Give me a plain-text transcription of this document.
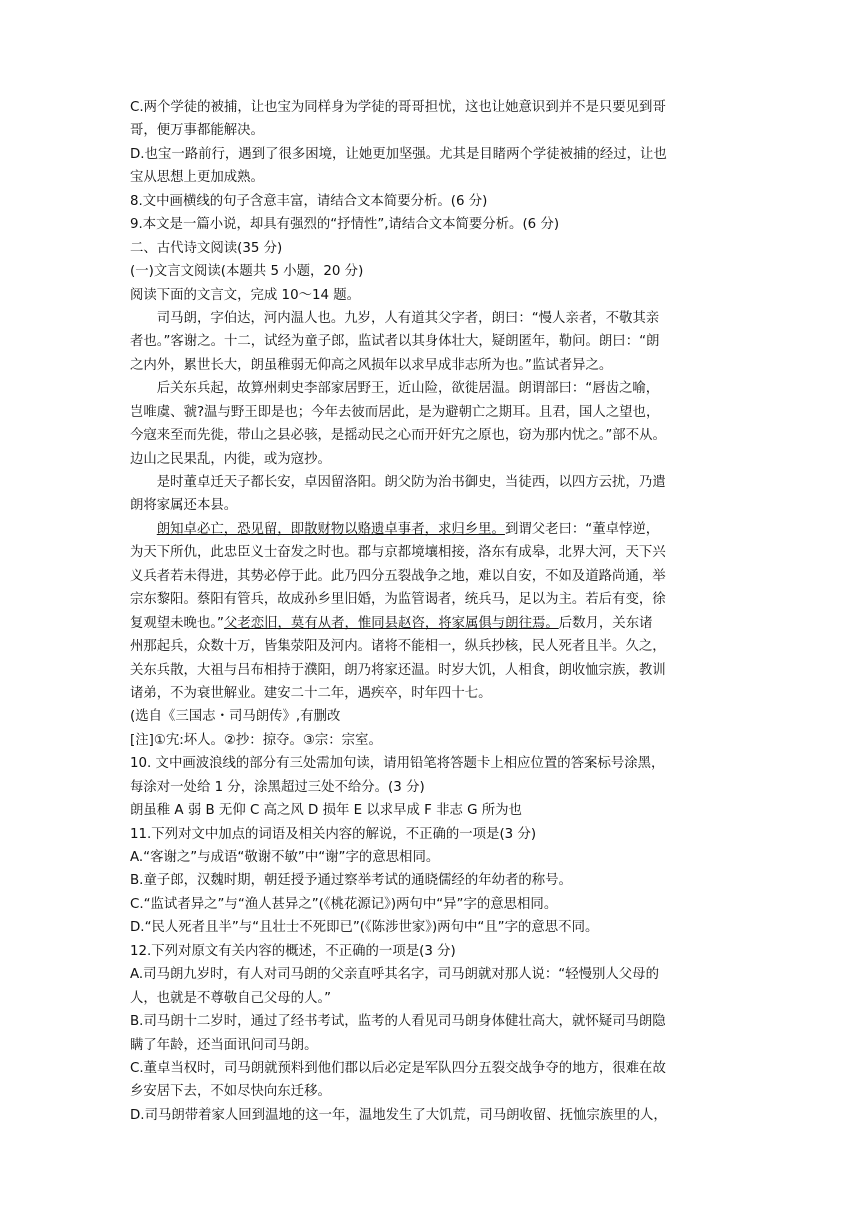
C.两个学徒的被捕，让也宝为同样身为学徒的哥哥担忧，这也让她意识到并不是只要见到哥
哥，便万事都能解决。
D.也宝一路前行，遇到了很多困境，让她更加坚强。尤其是目睹两个学徒被捕的经过，让也
宝从思想上更加成熟。
8.文中画横线的句子含意丰富，请结合文本简要分析。(6 分)
9.本文是一篇小说，却具有强烈的“抒情性”,请结合文本简要分析。(6 分)
二、古代诗文阅读(35 分)
(一)文言文阅读(本题共 5 小题，20 分)
阅读下面的文言文，完成 10～14 题。
　　司马朗，字伯达，河内温人也。九岁，人有道其父字者，朗曰：“慢人亲者，不敬其亲
者也。”客谢之。十二，试经为童子郎，监试者以其身体壮大，疑朗匿年，勒问。朗曰：“朗
之内外，累世长大，朗虽稚弱无仰高之风损年以求早成非志所为也。”监试者异之。
　　后关东兵起，故算州刺史李部家居野王，近山险，欲徙居温。朗谓部曰：“唇齿之喻，
岂唯虞、虢?温与野王即是也；今年去彼而居此，是为避朝亡之期耳。且君，国人之望也，
今寇来至而先徙，带山之县必骇，是摇动民之心而开奸宄之原也，窃为那内忧之。”部不从。
边山之民果乱，内徙，或为寇抄。
　　是时董卓迁天子都长安，卓因留洛阳。朗父防为治书御史，当徒西，以四方云扰，乃遣
朗将家属还本县。
　　朗知卓必亡，恐见留，即散财物以赂遗卓事者，求归乡里。到谓父老曰：“董卓悖逆，
为天下所仇，此忠臣义士奋发之时也。郡与京都境壤相接，洛东有成皋，北界大河，天下兴
义兵者若未得进，其势必停于此。此乃四分五裂战争之地，难以自安，不如及道路尚通，举
宗东黎阳。蔡阳有管兵，故成孙乡里旧婚，为监管谒者，统兵马，足以为主。若后有变，徐
复观望未晚也。”父老恋旧，莫有从者，惟同县赵咨，将家属俱与朗往焉。后数月，关东诸
州那起兵，众数十万，皆集荥阳及河内。诸将不能相一，纵兵抄核，民人死者且半。久之，
关东兵散，大祖与吕布相持于濮阳，朗乃将家还温。时岁大饥，人相食，朗收恤宗族，教训
诸弟，不为衰世解业。建安二十二年，遇疾卒，时年四十七。
(选自《三国志・司马朗传》,有删改
[注]①宄:坏人。②抄：掠夺。③宗：宗室。
10. 文中画波浪线的部分有三处需加句读，请用铅笔将答题卡上相应位置的答案标号涂黑，
每涂对一处给 1 分，涂黑超过三处不给分。(3 分)
朗虽稚 A 弱 B 无仰 C 高之风 D 损年 E 以求早成 F 非志 G 所为也
11.下列对文中加点的词语及相关内容的解说，不正确的一项是(3 分)
A.“客谢之”与成语“敬谢不敏”中“谢”字的意思相同。
B.童子郎，汉魏时期，朝廷授予通过察举考试的通晓儒经的年幼者的称号。
C.“监试者异之”与“渔人甚异之”(《桃花源记》)两句中“异”字的意思相同。
D.“民人死者且半”与“且壮士不死即已”(《陈涉世家》)两句中“且”字的意思不同。
12.下列对原文有关内容的概述，不正确的一项是(3 分)
A.司马朗九岁时，有人对司马朗的父亲直呼其名字，司马朗就对那人说：“轻慢别人父母的
人，也就是不尊敬自己父母的人。”
B.司马朗十二岁时，通过了经书考试，监考的人看见司马朗身体健壮高大，就怀疑司马朗隐
瞒了年龄，还当面讯问司马朗。
C.董卓当权时，司马朗就预料到他们郡以后必定是军队四分五裂交战争夺的地方，很难在故
乡安居下去，不如尽快向东迁移。
D.司马朗带着家人回到温地的这一年，温地发生了大饥荒，司马朗收留、抚恤宗族里的人，
